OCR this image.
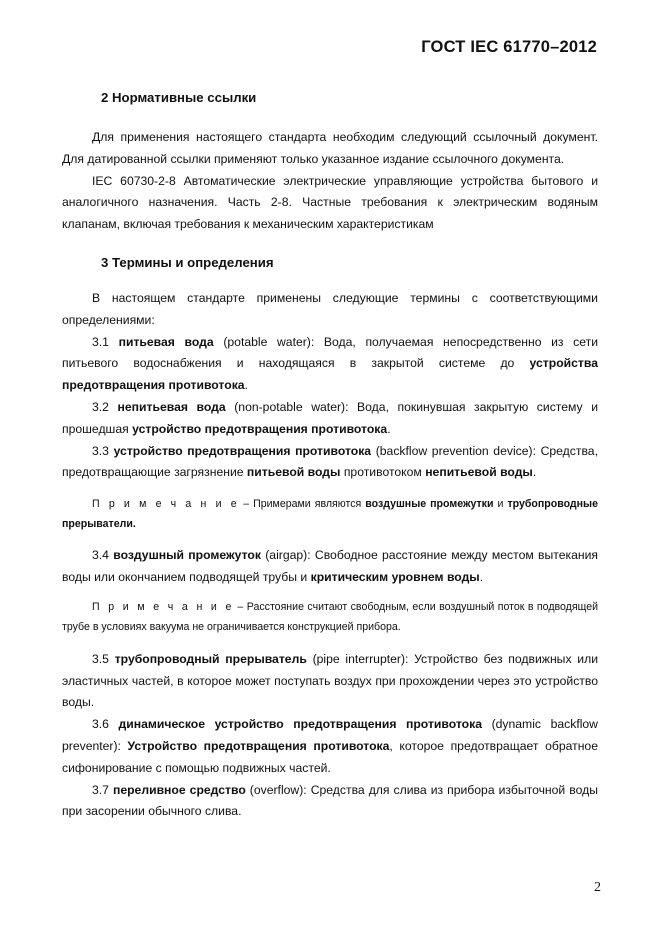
ГОСТ IEC 61770–2012
2 Нормативные ссылки

Для применения настоящего стандарта необходим следующий ссылочный документ. Для датированной ссылки применяют только указанное издание ссылочного документа.

IEC 60730-2-8 Автоматические электрические управляющие устройства бытового и аналогичного назначения. Часть 2-8. Частные требования к электрическим водяным клапанам, включая требования к механическим характеристикам

3 Термины и определения

В настоящем стандарте применены следующие термины с соответствующими определениями:

3.1 питьевая вода (potable water): Вода, получаемая непосредственно из сети питьевого водоснабжения и находящаяся в закрытой системе до устройства предотвращения противотока.

3.2 непитьевая вода (non-potable water): Вода, покинувшая закрытую систему и прошедшая устройство предотвращения противотока.

3.3 устройство предотвращения противотока (backflow prevention device): Средства, предотвращающие загрязнение питьевой воды противотоком непитьевой воды.

П р и м е ч а н и е – Примерами являются воздушные промежутки и трубопроводные прерыватели.

3.4 воздушный промежуток (airgap): Свободное расстояние между местом вытекания воды или окончанием подводящей трубы и критическим уровнем воды.

П р и м е ч а н и е – Расстояние считают свободным, если воздушный поток в подводящей трубе в условиях вакуума не ограничивается конструкцией прибора.

3.5 трубопроводный прерыватель (pipe interrupter): Устройство без подвижных или эластичных частей, в которое может поступать воздух при прохождении через это устройство воды.

3.6 динамическое устройство предотвращения противотока (dynamic backflow preventer): Устройство предотвращения противотока, которое предотвращает обратное сифонирование с помощью подвижных частей.

3.7 переливное средство (overflow): Средства для слива из прибора избыточной воды при засорении обычного слива.

2
